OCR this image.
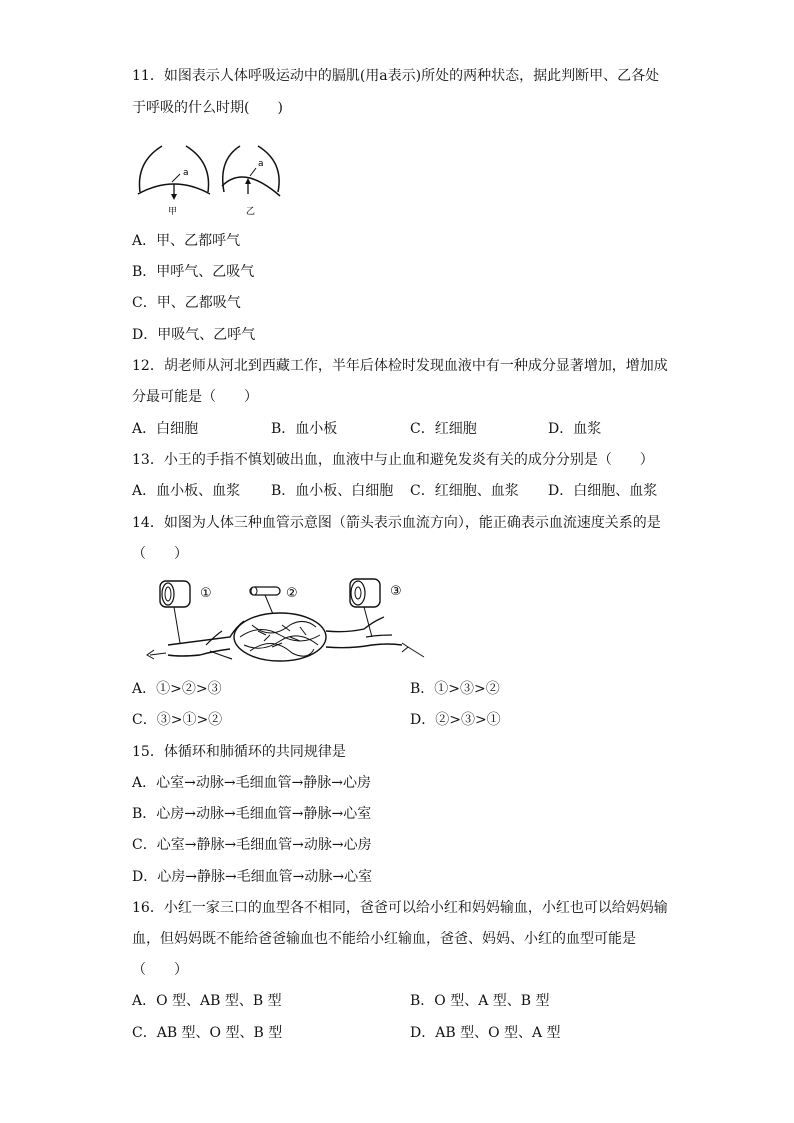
11．如图表示人体呼吸运动中的膈肌(用a表示)所处的两种状态，据此判断甲、乙各处
于呼吸的什么时期(　　)
a
甲
a
乙
A．甲、乙都呼气
B．甲呼气、乙吸气
C．甲、乙都吸气
D．甲吸气、乙呼气
12．胡老师从河北到西藏工作，半年后体检时发现血液中有一种成分显著增加，增加成
分最可能是（　　）
A．白细胞	B．血小板	C．红细胞	D．血浆
13．小王的手指不慎划破出血，血液中与止血和避免发炎有关的成分分别是（　　）
A．血小板、血浆 B．血小板、白细胞 C．红细胞、血浆 D．白细胞、血浆
14．如图为人体三种血管示意图（箭头表示血流方向），能正确表示血流速度关系的是
（　　）
①	②	③
A．①>②>③	B．①>③>②
C．③>①>②	D．②>③>①
15．体循环和肺循环的共同规律是
A．心室→动脉→毛细血管→静脉→心房
B．心房→动脉→毛细血管→静脉→心室
C．心室→静脉→毛细血管→动脉→心房
D．心房→静脉→毛细血管→动脉→心室
16．小红一家三口的血型各不相同，爸爸可以给小红和妈妈输血，小红也可以给妈妈输
血，但妈妈既不能给爸爸输血也不能给小红输血，爸爸、妈妈、小红的血型可能是
（　　）
A．O 型、AB 型、B 型	B．O 型、A 型、B 型
C．AB 型、O 型、B 型	D．AB 型、O 型、A 型
